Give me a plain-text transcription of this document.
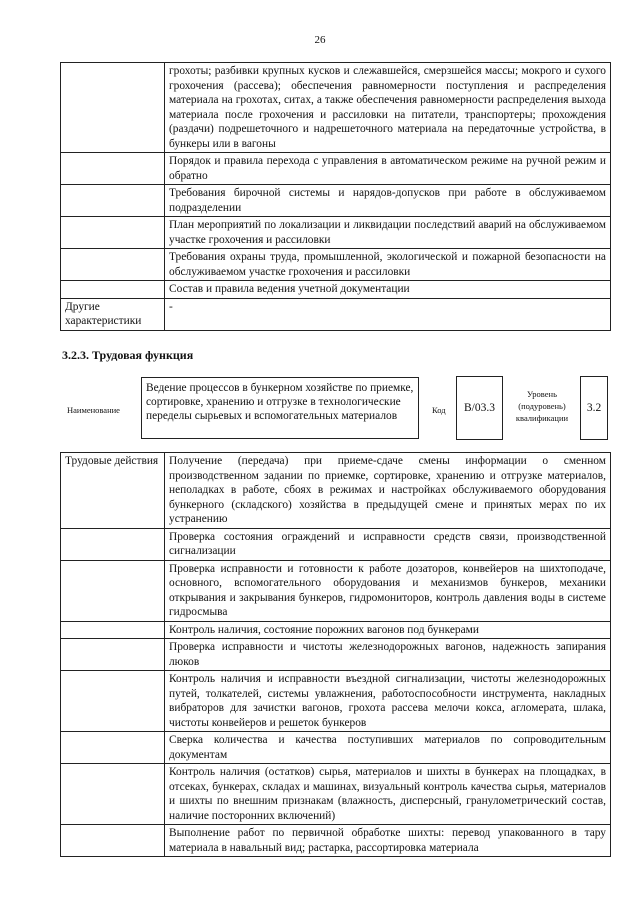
26
	грохоты; разбивки крупных кусков и слежавшейся, смерзшейся массы; мокрого и сухого грохочения (рассева); обеспечения равномерности поступления и распределения материала на грохотах, ситах, а также обеспечения равномерности распределения выхода материала после грохочения и рассиловки на питатели, транспортеры; прохождения (раздачи) подрешеточного и надрешеточного материала на передаточные устройства, в бункеры или в вагоны
	Порядок и правила перехода с управления в автоматическом режиме на ручной режим и обратно
	Требования бирочной системы и нарядов-допусков при работе в обслуживаемом подразделении
	План мероприятий по локализации и ликвидации последствий аварий на обслуживаемом участке грохочения и рассиловки
	Требования охраны труда, промышленной, экологической и пожарной безопасности на обслуживаемом участке грохочения и рассиловки
	Состав и правила ведения учетной документации
Другие характеристики	-
3.2.3. Трудовая функция
Наименование
Ведение процессов в бункерном хозяйстве по приемке, сортировке, хранению и отгрузке в технологические переделы сырьевых и вспомогательных материалов	Код	В/03.3
Уровень (подуровень) квалификации
3.2
Трудовые действия	Получение (передача) при приеме-сдаче смены информации о сменном производственном задании по приемке, сортировке, хранению и отгрузке материалов, неполадках в работе, сбоях в режимах и настройках обслуживаемого оборудования бункерного (складского) хозяйства в предыдущей смене и принятых мерах по их устранению
	Проверка состояния ограждений и исправности средств связи, производственной сигнализации
	Проверка исправности и готовности к работе дозаторов, конвейеров на шихтоподаче, основного, вспомогательного оборудования и механизмов бункеров, механики открывания и закрывания бункеров, гидромониторов, контроль давления воды в системе гидросмыва
	Контроль наличия, состояние порожних вагонов под бункерами
	Проверка исправности и чистоты железнодорожных вагонов, надежность запирания люков
	Контроль наличия и исправности въездной сигнализации, чистоты железнодорожных путей, толкателей, системы увлажнения, работоспособности инструмента, накладных вибраторов для зачистки вагонов, грохота рассева мелочи кокса, агломерата, шлака, чистоты конвейеров и решеток бункеров
	Сверка количества и качества поступивших материалов по сопроводительным документам
	Контроль наличия (остатков) сырья, материалов и шихты в бункерах на площадках, в отсеках, бункерах, складах и машинах, визуальный контроль качества сырья, материалов и шихты по внешним признакам (влажность, дисперсный, гранулометрический состав, наличие посторонних включений)
	Выполнение работ по первичной обработке шихты: перевод упакованного в тару материала в навальный вид; растарка, рассортировка материала
